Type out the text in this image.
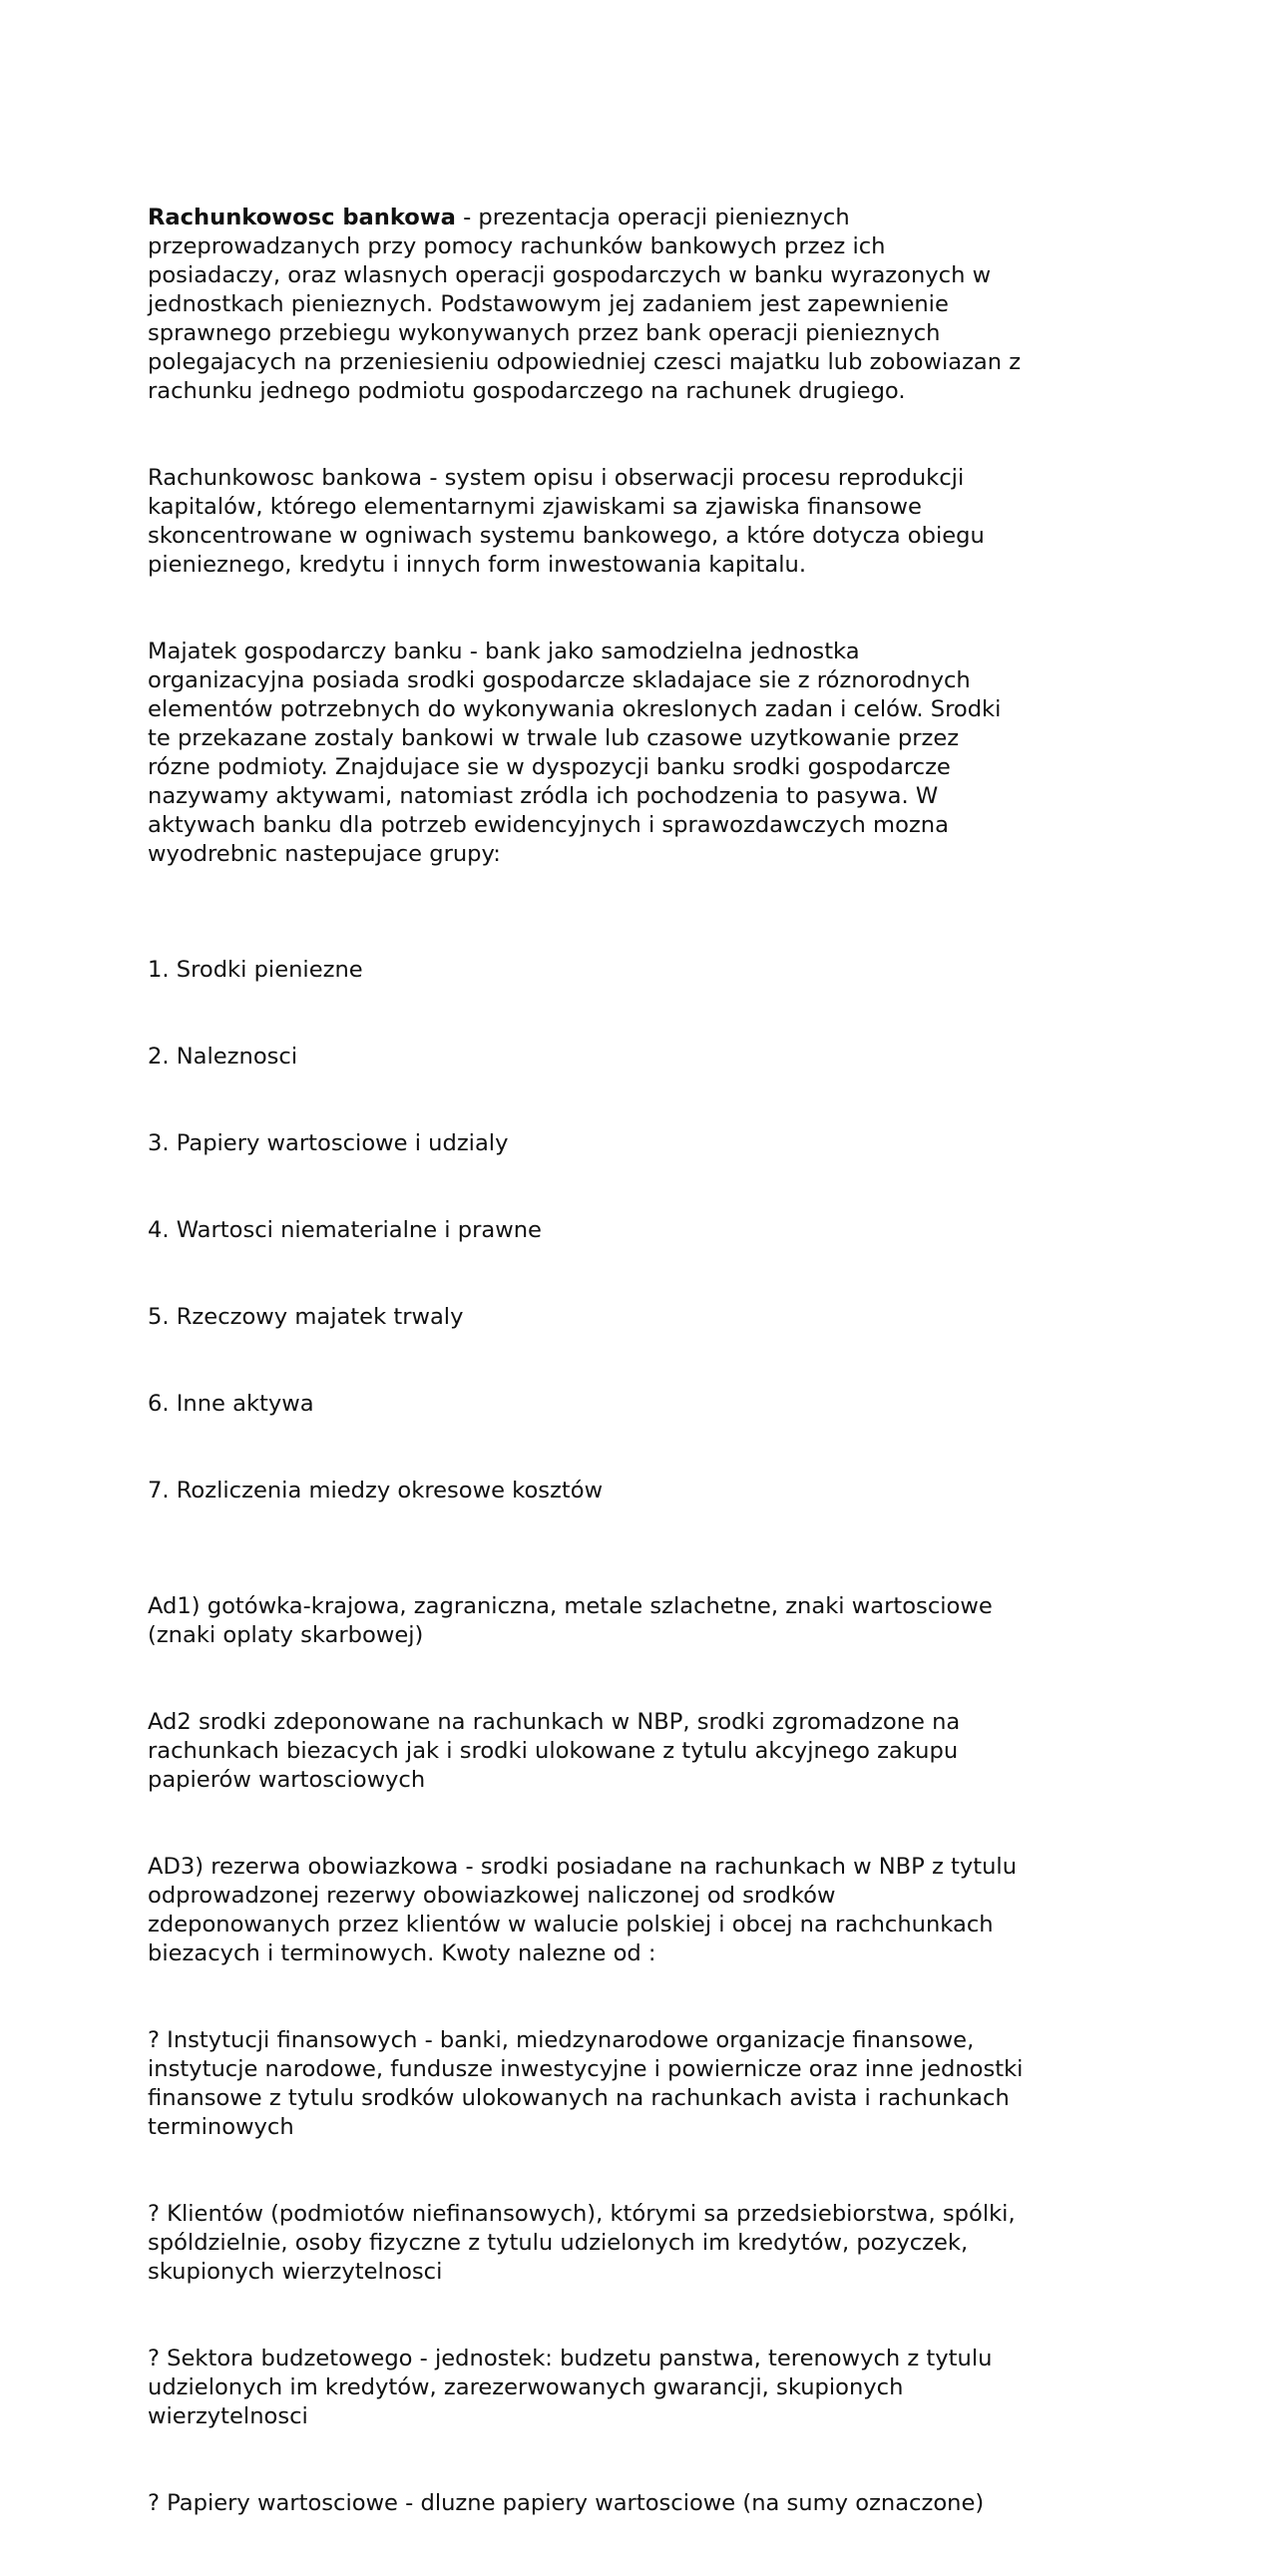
Rachunkowosc bankowa - prezentacja operacji pienieznych
przeprowadzanych przy pomocy rachunków bankowych przez ich
posiadaczy, oraz wlasnych operacji gospodarczych w banku wyrazonych w
jednostkach pienieznych. Podstawowym jej zadaniem jest zapewnienie
sprawnego przebiegu wykonywanych przez bank operacji pienieznych
polegajacych na przeniesieniu odpowiedniej czesci majatku lub zobowiazan z
rachunku jednego podmiotu gospodarczego na rachunek drugiego.

Rachunkowosc bankowa - system opisu i obserwacji procesu reprodukcji
kapitalów, którego elementarnymi zjawiskami sa zjawiska finansowe
skoncentrowane w ogniwach systemu bankowego, a które dotycza obiegu
pienieznego, kredytu i innych form inwestowania kapitalu.

Majatek gospodarczy banku - bank jako samodzielna jednostka
organizacyjna posiada srodki gospodarcze skladajace sie z róznorodnych
elementów potrzebnych do wykonywania okreslonych zadan i celów. Srodki
te przekazane zostaly bankowi w trwale lub czasowe uzytkowanie przez
rózne podmioty. Znajdujace sie w dyspozycji banku srodki gospodarcze
nazywamy aktywami, natomiast zródla ich pochodzenia to pasywa. W
aktywach banku dla potrzeb ewidencyjnych i sprawozdawczych mozna
wyodrebnic nastepujace grupy:

1. Srodki pieniezne

2. Naleznosci

3. Papiery wartosciowe i udzialy

4. Wartosci niematerialne i prawne

5. Rzeczowy majatek trwaly

6. Inne aktywa

7. Rozliczenia miedzy okresowe kosztów

Ad1) gotówka-krajowa, zagraniczna, metale szlachetne, znaki wartosciowe
(znaki oplaty skarbowej)

Ad2 srodki zdeponowane na rachunkach w NBP, srodki zgromadzone na
rachunkach biezacych jak i srodki ulokowane z tytulu akcyjnego zakupu
papierów wartosciowych

AD3) rezerwa obowiazkowa - srodki posiadane na rachunkach w NBP z tytulu
odprowadzonej rezerwy obowiazkowej naliczonej od srodków
zdeponowanych przez klientów w walucie polskiej i obcej na rachchunkach
biezacych i terminowych. Kwoty nalezne od :

? Instytucji finansowych - banki, miedzynarodowe organizacje finansowe,
instytucje narodowe, fundusze inwestycyjne i powiernicze oraz inne jednostki
finansowe z tytulu srodków ulokowanych na rachunkach avista i rachunkach
terminowych

? Klientów (podmiotów niefinansowych), którymi sa przedsiebiorstwa, spólki,
spóldzielnie, osoby fizyczne z tytulu udzielonych im kredytów, pozyczek,
skupionych wierzytelnosci

? Sektora budzetowego - jednostek: budzetu panstwa, terenowych z tytulu
udzielonych im kredytów, zarezerwowanych gwarancji, skupionych
wierzytelnosci

? Papiery wartosciowe - dluzne papiery wartosciowe (na sumy oznaczone)
